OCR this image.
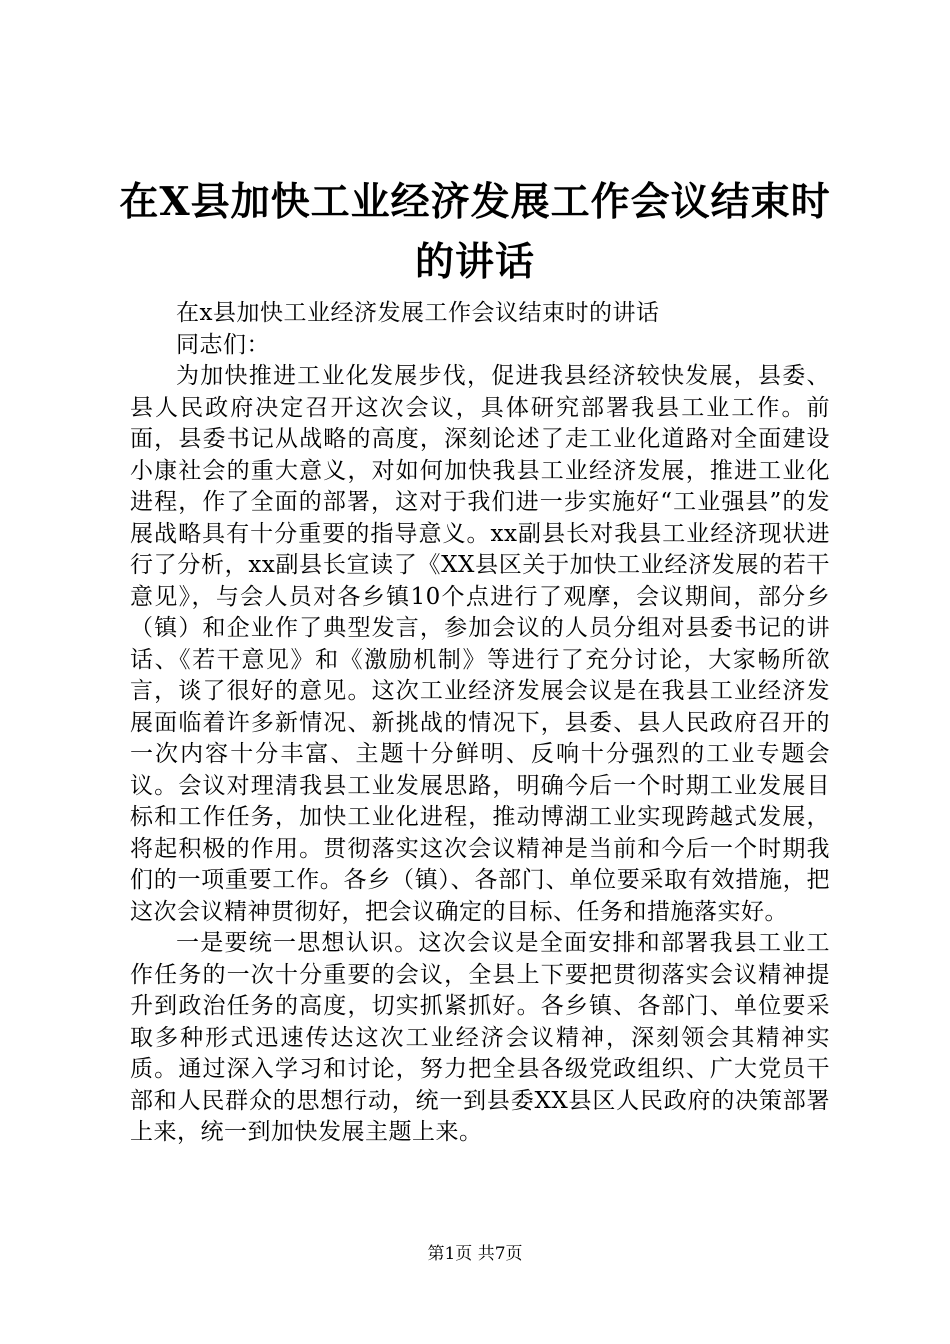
在X县加快工业经济发展工作会议结束时的讲话

在x县加快工业经济发展工作会议结束时的讲话

同志们：

为加快推进工业化发展步伐，促进我县经济较快发展，县委、县人民政府决定召开这次会议，具体研究部署我县工业工作。前面，县委书记从战略的高度，深刻论述了走工业化道路对全面建设小康社会的重大意义，对如何加快我县工业经济发展，推进工业化进程，作了全面的部署，这对于我们进一步实施好“工业强县”的发展战略具有十分重要的指导意义。xx副县长对我县工业经济现状进行了分析，xx副县长宣读了《XX县区关于加快工业经济发展的若干意见》，与会人员对各乡镇10个点进行了观摩，会议期间，部分乡（镇）和企业作了典型发言，参加会议的人员分组对县委书记的讲话、《若干意见》和《激励机制》等进行了充分讨论，大家畅所欲言，谈了很好的意见。这次工业经济发展会议是在我县工业经济发展面临着许多新情况、新挑战的情况下，县委、县人民政府召开的一次内容十分丰富、主题十分鲜明、反响十分强烈的工业专题会议。会议对理清我县工业发展思路，明确今后一个时期工业发展目标和工作任务，加快工业化进程，推动博湖工业实现跨越式发展，将起积极的作用。贯彻落实这次会议精神是当前和今后一个时期我们的一项重要工作。各乡（镇）、各部门、单位要采取有效措施，把这次会议精神贯彻好，把会议确定的目标、任务和措施落实好。

一是要统一思想认识。这次会议是全面安排和部署我县工业工作任务的一次十分重要的会议，全县上下要把贯彻落实会议精神提升到政治任务的高度，切实抓紧抓好。各乡镇、各部门、单位要采取多种形式迅速传达这次工业经济会议精神，深刻领会其精神实质。通过深入学习和讨论，努力把全县各级党政组织、广大党员干部和人民群众的思想行动，统一到县委XX县区人民政府的决策部署上来，统一到加快发展主题上来。

第1页 共7页
